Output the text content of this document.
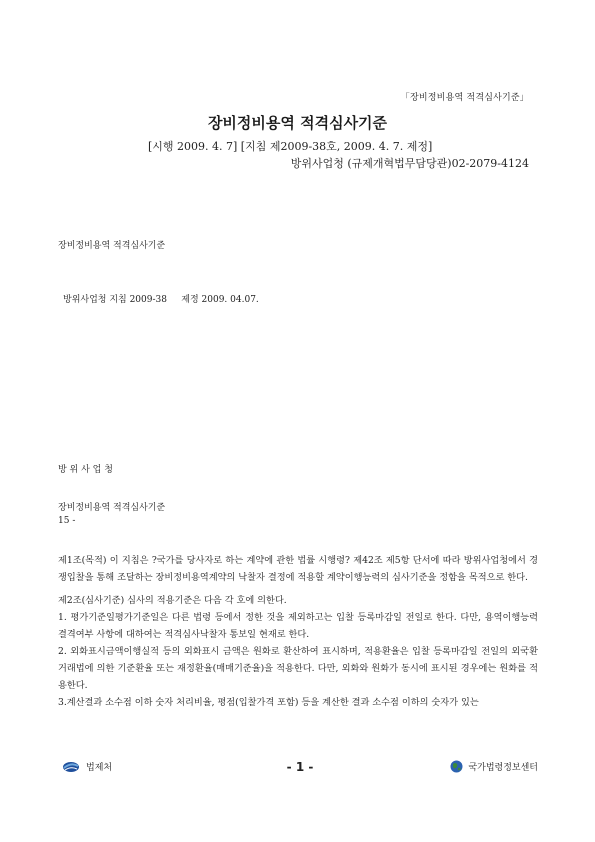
「장비정비용역 적격심사기준」
장비정비용역 적격심사기준
[시행 2009. 4. 7] [지침 제2009-38호, 2009. 4. 7. 제정]
방위사업청 (규제개혁법무담당관)02-2079-4124
장비정비용역 적격심사기준
방위사업청 지침 2009-38     제정 2009. 04.07.
방 위 사 업 청
장비정비용역 적격심사기준
15 -

제1조(목적) 이 지침은 ?국가를 당사자로 하는 계약에 관한 법률 시행령? 제42조 제5항 단서에 따라 방위사업청에서 경쟁입찰을 통해 조달하는 장비정비용역계약의 낙찰자 결정에 적용할 계약이행능력의 심사기준을 정함을 목적으로 한다.

제2조(심사기준) 심사의 적용기준은 다음 각 호에 의한다.

1. 평가기준일평가기준일은 다른 법령 등에서 정한 것을 제외하고는 입찰 등록마감일 전일로 한다. 다만, 용역이행능력 결격여부 사항에 대하여는 적격심사낙찰자 통보일 현재로 한다.

2. 외화표시금액이행실적 등의 외화표시 금액은 원화로 환산하여 표시하며, 적용환율은 입찰 등록마감일 전일의 외국환거래법에 의한 기준환율 또는 재정환율(매매기준율)을 적용한다. 다만, 외화와 원화가 동시에 표시된 경우에는 원화를 적용한다.

3.계산결과 소수점 이하 숫자 처리비율, 평점(입찰가격 포함) 등을 계산한 결과 소수점 이하의 숫자가 있는

법제처	- 1 -	국가법령정보센터
